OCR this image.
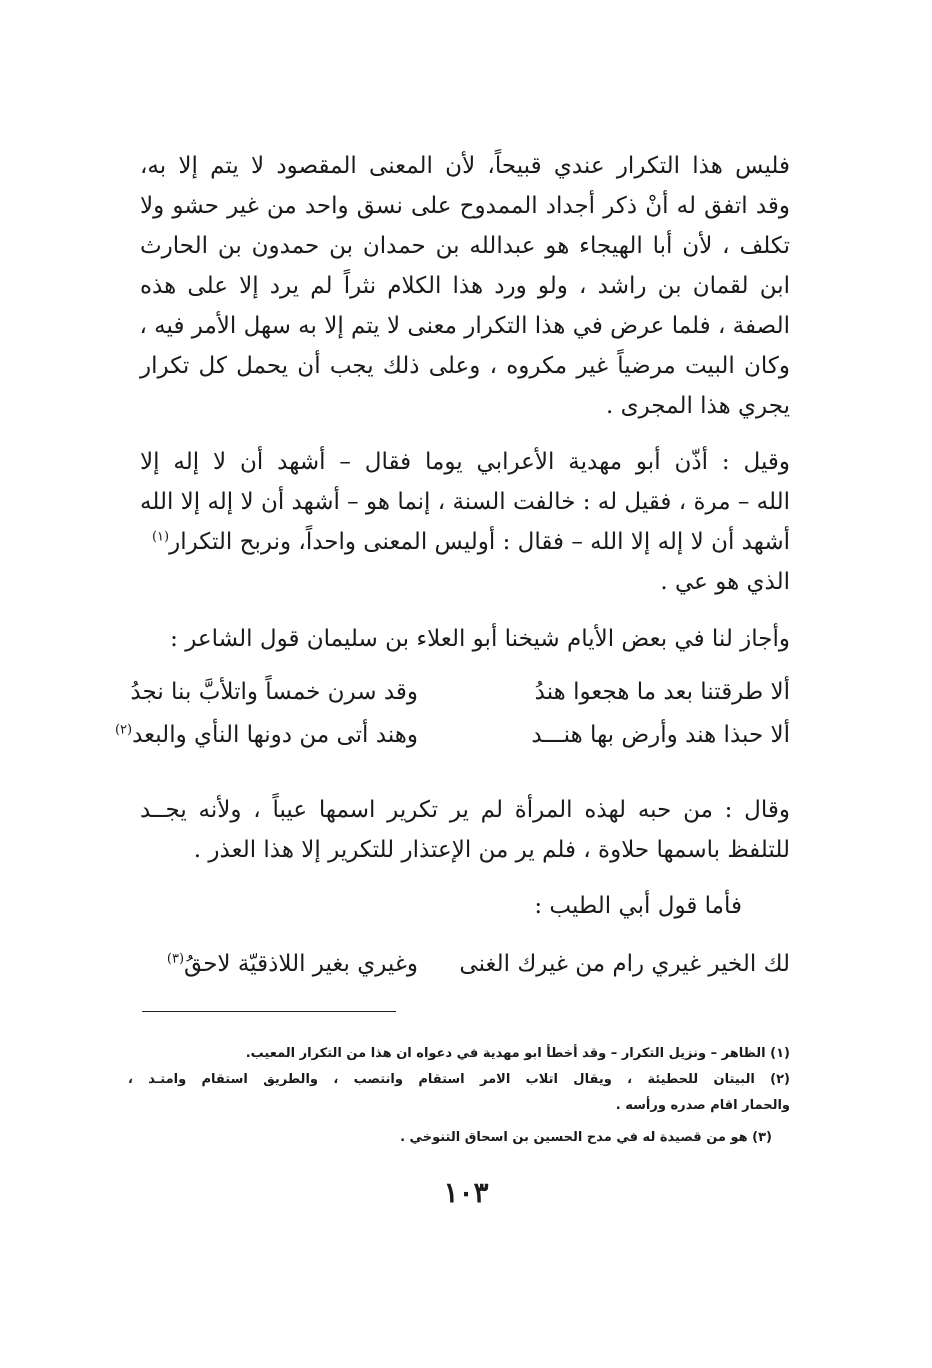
فليس هذا التكرار عندي قبيحاً، لأن المعنى المقصود لا يتم إلا به،
وقد اتفق له أنْ ذكر أجداد الممدوح على نسق واحد من غير حشو ولا
تكلف ، لأن أبا الهيجاء هو عبدالله بن حمدان بن حمدون بن الحارث
ابن لقمان بن راشد ، ولو ورد هذا الكلام نثراً لم يرد إلا على هذه
الصفة ، فلما عرض في هذا التكرار معنى لا يتم إلا به سهل الأمر فيه ،
وكان البيت مرضياً غير مكروه ، وعلى ذلك يجب أن يحمل كل تكرار
يجري هذا المجرى .
وقيل : أذّن أبو مهدية الأعرابي يوما فقال – أشهد أن لا إله إلا
الله – مرة ، فقيل له : خالفت السنة ، إنما هو – أشهد أن لا إله إلا الله
أشهد أن لا إله إلا الله – فقال : أوليس المعنى واحداً، ونربح التكرار$^{(١)}$
الذي هو عي .
وأجاز لنا في بعض الأيام شيخنا أبو العلاء بن سليمان قول الشاعر :
ألا طرقتنا بعد ما هجعوا هندُ
وقد سرن خمساً واتلأبَّ بنا نجدُ
ألا حبذا هند وأرض بها هنـــد
وهند أتى من دونها النأي والبعد$^{(٢)}$
وقال : من حبه لهذه المرأة لم ير تكرير اسمها عيباً ، ولأنه يجــد
للتلفظ باسمها حلاوة ، فلم ير من الإعتذار للتكرير إلا هذا العذر .
فأما قول أبي الطيب :
لك الخير غيري رام من غيرك الغنى
وغيري بغير اللاذقيّة لاحقُ$^{(٣)}$
(١) الظاهر – ونزيل التكرار – وقد أخطأ ابو مهدية في دعواه ان هذا من التكرار المعيب.
(٢) البيتان للحطيئة ، ويقال اتلاب الامر استقام وانتصب ، والطريق استقام وامتـد ،
والحمار اقام صدره ورأسه .
(٣) هو من قصيدة له في مدح الحسين بن اسحاق التنوخي .
١٠٣
